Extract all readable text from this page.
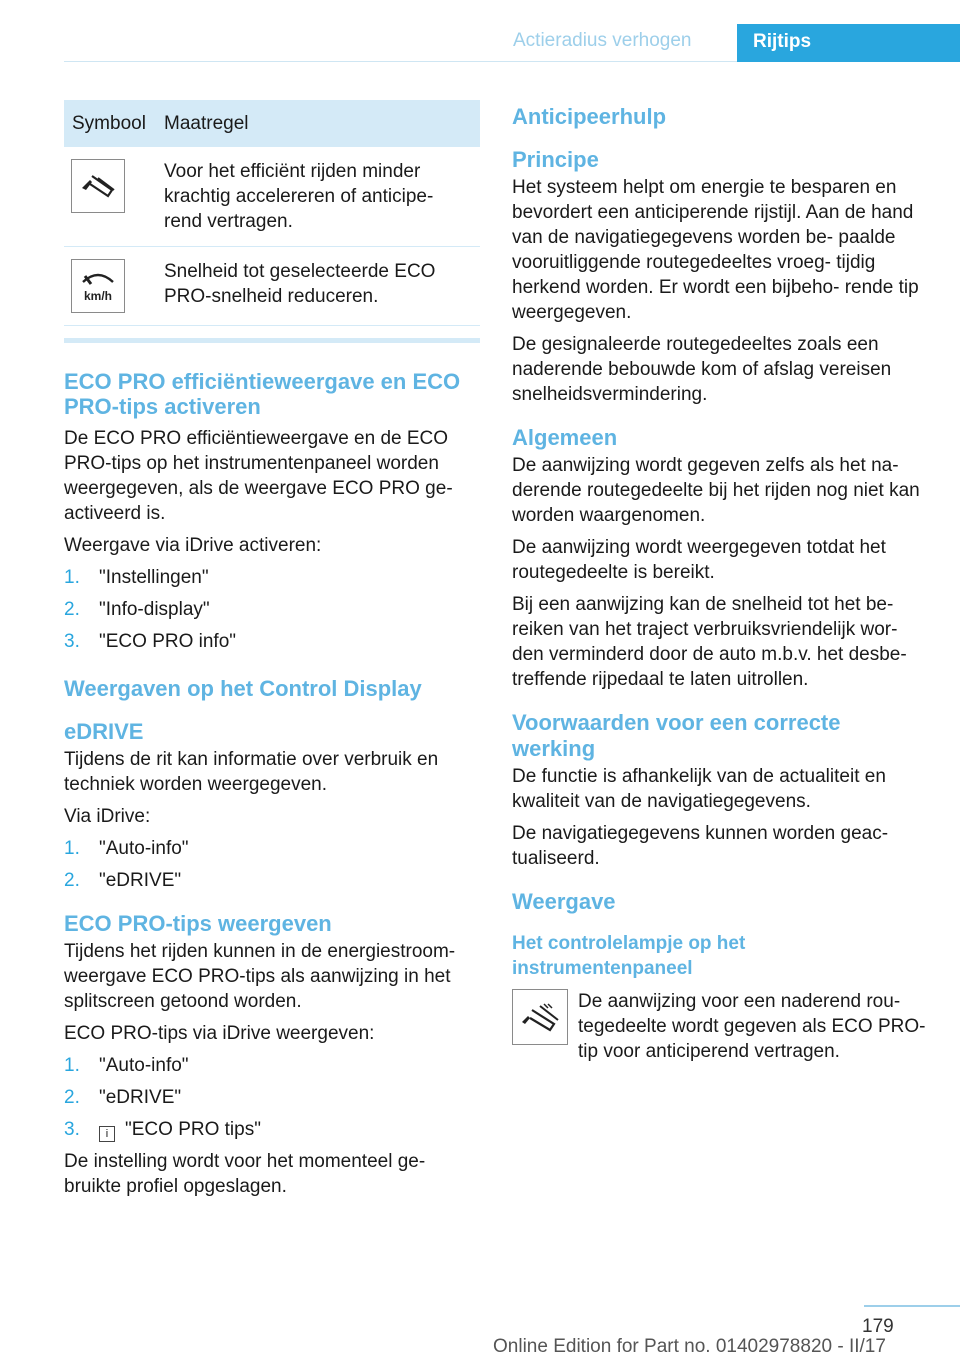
Actieradius verhogen	Rijtips
Symbool	Maatregel

	Voor het efficiënt rijden minder krachtig accelereren of anticipe- rend vertragen.

km/h	Snelheid tot geselecteerde ECO PRO-snelheid reduceren.
ECO PRO efficiëntieweergave en ECO PRO-tips activeren

De ECO PRO efficiëntieweergave en de ECO PRO-tips op het instrumentenpaneel worden weergegeven, als de weergave ECO PRO ge- activeerd is.

Weergave via iDrive activeren:

1.	"Instellingen"
2.	"Info-display"
3.	"ECO PRO info"
Weergaven op het Control Display
eDRIVE

Tijdens de rit kan informatie over verbruik en techniek worden weergegeven.

Via iDrive:

1.	"Auto-info"
2.	"eDRIVE"
ECO PRO-tips weergeven

Tijdens het rijden kunnen in de energiestroom- weergave ECO PRO-tips als aanwijzing in het splitscreen getoond worden.

ECO PRO-tips via iDrive weergeven:

1.	"Auto-info"
2.	"eDRIVE"
3.	i "ECO PRO tips"

De instelling wordt voor het momenteel ge- bruikte profiel opgeslagen.

Anticipeerhulp
Principe

Het systeem helpt om energie te besparen en bevordert een anticiperende rijstijl. Aan de hand van de navigatiegegevens worden be- paalde vooruitliggende routegedeeltes vroeg- tijdig herkend worden. Er wordt een bijbeho- rende tip weergegeven.

De gesignaleerde routegedeeltes zoals een naderende bebouwde kom of afslag vereisen snelheidsvermindering.

Algemeen

De aanwijzing wordt gegeven zelfs als het na- derende routegedeelte bij het rijden nog niet kan worden waargenomen.

De aanwijzing wordt weergegeven totdat het routegedeelte is bereikt.

Bij een aanwijzing kan de snelheid tot het be- reiken van het traject verbruiksvriendelijk wor- den verminderd door de auto m.b.v. het desbe- treffende rijpedaal te laten uitrollen.

Voorwaarden voor een correcte werking

De functie is afhankelijk van de actualiteit en kwaliteit van de navigatiegegevens.

De navigatiegegevens kunnen worden geac- tualiseerd.

Weergave
Het controlelampje op het instrumentenpaneel

De aanwijzing voor een naderend rou- tegedeelte wordt gegeven als ECO PRO-tip voor anticiperend vertragen.

179
Online Edition for Part no. 01402978820 - II/17
